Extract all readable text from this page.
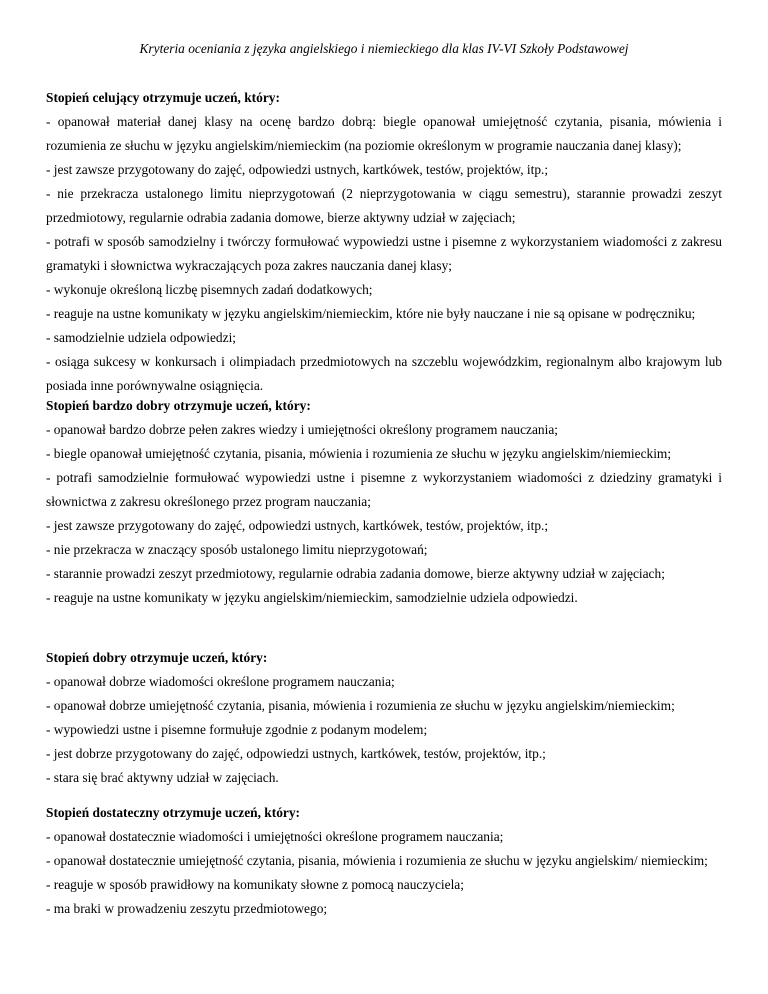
Kryteria oceniania z języka angielskiego i niemieckiego dla klas IV-VI Szkoły Podstawowej

Stopień celujący otrzymuje uczeń, który:

- opanował materiał danej klasy na ocenę bardzo dobrą: biegle opanował umiejętność czytania, pisania, mówienia i rozumienia ze słuchu w języku angielskim/niemieckim (na poziomie określonym w programie nauczania danej klasy);

- jest zawsze przygotowany do zajęć, odpowiedzi ustnych, kartkówek, testów, projektów, itp.;

- nie przekracza ustalonego limitu nieprzygotowań (2 nieprzygotowania w ciągu semestru), starannie prowadzi zeszyt przedmiotowy, regularnie odrabia zadania domowe, bierze aktywny udział w zajęciach;

- potrafi w sposób samodzielny i twórczy formułować wypowiedzi ustne i pisemne z wykorzystaniem wiadomości z zakresu gramatyki i słownictwa wykraczających poza zakres nauczania danej klasy;

- wykonuje określoną liczbę pisemnych zadań dodatkowych;

- reaguje na ustne komunikaty w języku angielskim/niemieckim, które nie były nauczane i nie są opisane w podręczniku;

- samodzielnie udziela odpowiedzi;

- osiąga sukcesy w konkursach i olimpiadach przedmiotowych na szczeblu wojewódzkim, regionalnym albo krajowym lub posiada inne porównywalne osiągnięcia.

Stopień bardzo dobry otrzymuje uczeń, który:

- opanował bardzo dobrze pełen zakres wiedzy i umiejętności określony programem nauczania;

- biegle opanował umiejętność czytania, pisania, mówienia i rozumienia ze słuchu w języku angielskim/niemieckim;

- potrafi samodzielnie formułować wypowiedzi ustne i pisemne z wykorzystaniem wiadomości z dziedziny gramatyki i słownictwa z zakresu określonego przez program nauczania;

- jest zawsze przygotowany do zajęć, odpowiedzi ustnych, kartkówek, testów, projektów, itp.;

- nie przekracza w znaczący sposób ustalonego limitu nieprzygotowań;

- starannie prowadzi zeszyt przedmiotowy, regularnie odrabia zadania domowe, bierze aktywny udział w zajęciach;

- reaguje na ustne komunikaty w języku angielskim/niemieckim, samodzielnie udziela odpowiedzi.

Stopień dobry otrzymuje uczeń, który:

- opanował dobrze wiadomości określone programem nauczania;

- opanował dobrze umiejętność czytania, pisania, mówienia i rozumienia ze słuchu w języku angielskim/niemieckim;

- wypowiedzi ustne i pisemne formułuje zgodnie z podanym modelem;

- jest dobrze przygotowany do zajęć, odpowiedzi ustnych, kartkówek, testów, projektów, itp.;

- stara się brać aktywny udział w zajęciach.

Stopień dostateczny otrzymuje uczeń, który:

- opanował dostatecznie wiadomości i umiejętności określone programem nauczania;

- opanował dostatecznie umiejętność czytania, pisania, mówienia i rozumienia ze słuchu w języku angielskim/ niemieckim;

- reaguje w sposób prawidłowy na komunikaty słowne z pomocą nauczyciela;

- ma braki w prowadzeniu zeszytu przedmiotowego;
